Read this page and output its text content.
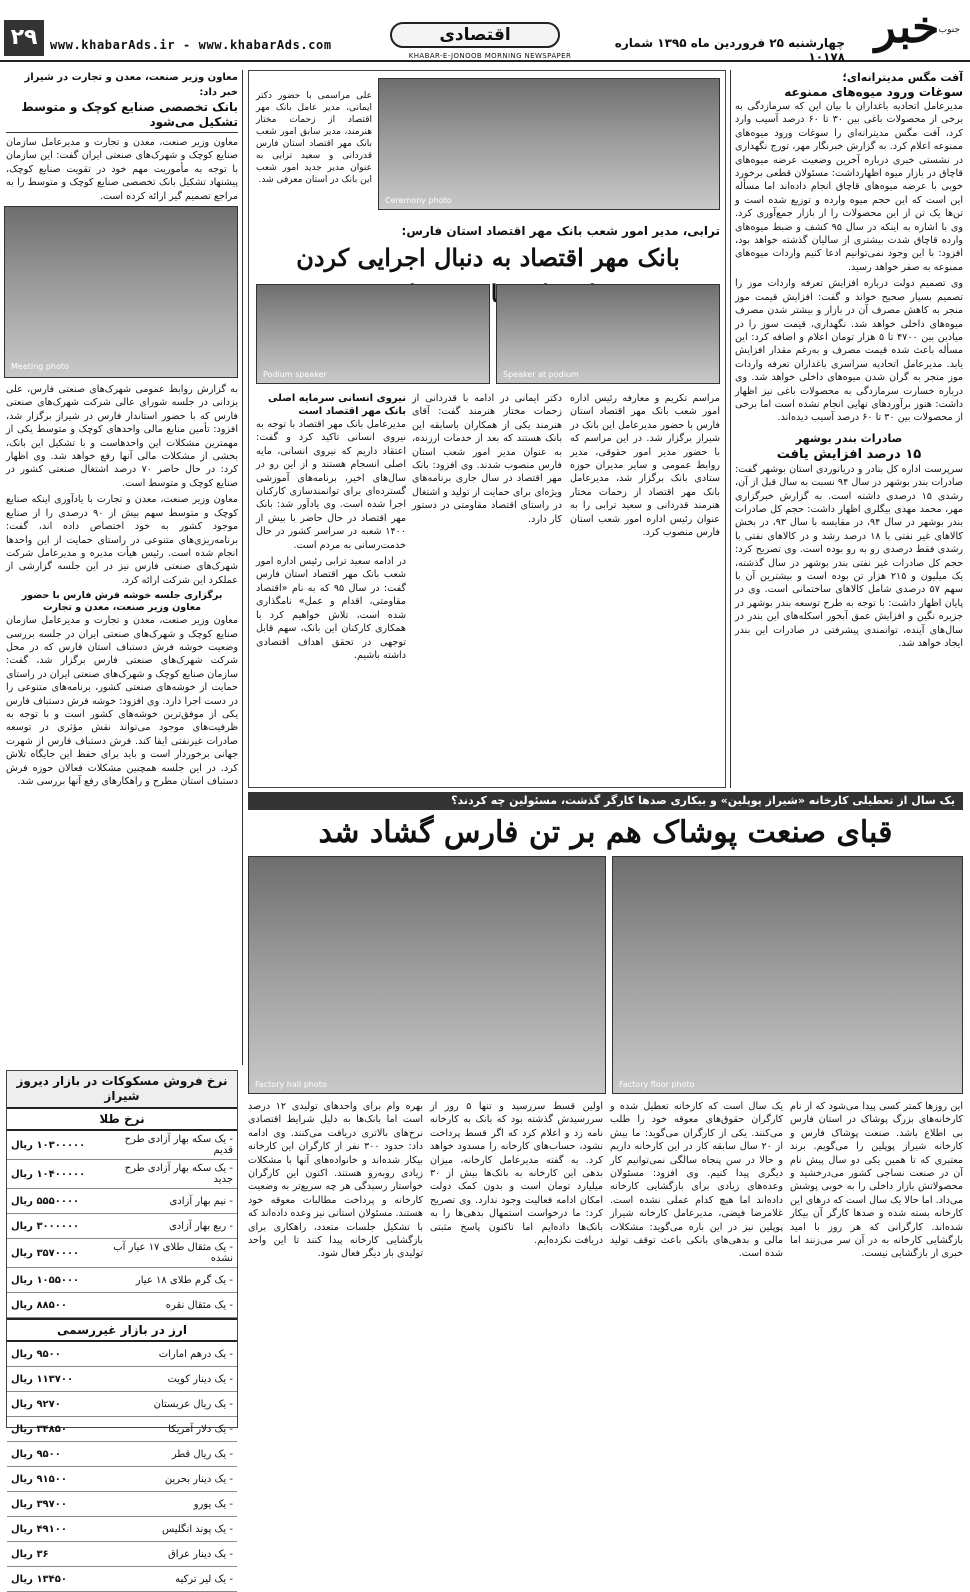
خبر جنوب
اقتصادی	چهارشنبه ۲۵ فروردین ماه ۱۳۹۵ شماره ۱۰۱۷۸
www.khabarAds.ir - www.khabarAds.com
۲۹
KHABAR-E-JONOOB MORNING NEWSPAPER
آفت مگس مدیترانه‌ای؛
سوغات ورود میوه‌های ممنوعه

مدیرعامل اتحادیه باغداران با بیان این که سرمازدگی به برخی از محصولات باغی بین ۳۰ تا ۶۰ درصد آسیب وارد کرد، آفت مگس مدیترانه‌ای را سوغات ورود میوه‌های ممنوعه اعلام کرد. به گزارش خبرنگار مهر، تورج نگهداری در نشستی خبری درباره آخرین وضعیت عرضه میوه‌های قاچاق در بازار میوه اظهارداشت: مسئولان قطعی برخورد خوبی با عرضه میوه‌های قاچاق انجام داده‌اند اما مسأله این است که این حجم میوه وارده و توزیع شده است و تن‌ها یک تن از این محصولات را از بازار جمع‌آوری کرد. وی با اشاره به اینکه در سال ۹۵ کشف و ضبط میوه‌های وارده قاچاق شدت بیشتری از سالیان گذشته خواهد بود، افزود: با این وجود نمی‌توانیم ادعا کنیم واردات میوه‌های ممنوعه به صفر خواهد رسید.

وی تصمیم دولت درباره افزایش تعرفه واردات موز را تصمیم بسیار صحیح خواند و گفت: افزایش قیمت موز منجر به کاهش مصرف آن در بازار و بیشتر شدن مصرف میوه‌های داخلی خواهد شد. نگهداری، قیمت سوز را در میادین بین ۴۷۰۰ تا ۵ هزار تومان اعلام و اضافه کرد: این مسأله باعث شده قیمت مصرف و به‌رغم مقدار افزایش یابد. مدیرعامل اتحادیه سراسری باغداران تعرفه واردات موز منجر به گران شدن میوه‌های داخلی خواهد شد. وی درباره خسارت سرمازدگی به محصولات باغی نیز اظهار داشت: هنوز برآوردهای نهایی انجام نشده است اما برخی از محصولات بین ۳۰ تا ۶۰ درصد آسیب دیده‌اند.

صادرات بندر بوشهر
۱۵ درصد افزایش یافت

سرپرست اداره کل بنادر و دریانوردی استان بوشهر گفت: صادرات بندر بوشهر در سال ۹۴ نسبت به سال قبل از آن، رشدی ۱۵ درصدی داشته است. به گزارش خبرگزاری مهر، محمد مهدی بیگلری اظهار داشت: حجم کل صادرات بندر بوشهر در سال ۹۴، در مقایسه با سال ۹۳، در بخش کالاهای غیر نفتی با ۱۸ درصد رشد و در کالاهای نفتی با رشدی فقط درصدی رو به رو بوده است. وی تصریح کرد: حجم کل صادرات غیر نفتی بندر بوشهر در سال گذشته، یک میلیون و ۲۱۵ هزار تن بوده است و بیشترین آن با سهم ۵۷ درصدی شامل کالاهای ساختمانی است. وی در پایان اظهار داشت: با توجه به طرح توسعه بندر بوشهر در جزیره نگین و افزایش عمق آبخور اسکله‌های این بندر در سال‌های آینده، توانمندی پیشرفتی در صادرات این بندر ایجاد خواهد شد.

Ceremony photo
علی مراسمی با حضور دکتر ایمانی، مدیر عامل بانک مهر اقتصاد از زحمات مختار هنرمند، مدیر سابق امور شعب بانک مهر اقتصاد استان فارس قدردانی و سعید ترابی به عنوان مدیر جدید امور شعب این بانک در استان معرفی شد.
ترابی، مدیر امور شعب بانک مهر اقتصاد استان فارس:
بانک مهر اقتصاد به دنبال اجرایی کردن
Speaker at podium
Podium speaker

مراسم تکریم و معارفه رئیس اداره امور شعب بانک مهر اقتصاد استان فارس با حضور مدیرعامل این بانک در شیراز برگزار شد. در این مراسم که با حضور مدیر امور حقوقی، مدیر روابط عمومی و سایر مدیران حوزه ستادی بانک برگزار شد، مدیرعامل بانک مهر اقتصاد از زحمات مختار هنرمند قدردانی و سعید ترابی را به عنوان رئیس اداره امور شعب استان فارس منصوب کرد.

دکتر ایمانی در ادامه با قدردانی از زحمات مختار هنرمند گفت: آقای هنرمند یکی از همکاران باسابقه این بانک هستند که بعد از خدمات ارزنده، به عنوان مدیر امور شعب استان فارس منصوب شدند. وی افزود: بانک مهر اقتصاد در سال جاری برنامه‌های ویژه‌ای برای حمایت از تولید و اشتغال در راستای اقتصاد مقاومتی در دستور کار دارد.

نیروی انسانی سرمایه اصلی بانک مهر اقتصاد است

مدیرعامل بانک مهر اقتصاد با توجه به نیروی انسانی تاکید کرد و گفت: اعتقاد داریم که نیروی انسانی، مایه اصلی انسجام هستند و از این رو در سال‌های اخیر، برنامه‌های آموزشی گسترده‌ای برای توانمندسازی کارکنان اجرا شده است. وی یادآور شد: بانک مهر اقتصاد در حال حاضر با بیش از ۱۴۰۰ شعبه در سراسر کشور در حال خدمت‌رسانی به مردم است.

در ادامه سعید ترابی رئیس اداره امور شعب بانک مهر اقتصاد استان فارس گفت: در سال ۹۵ که به نام «اقتصاد مقاومتی، اقدام و عمل» نامگذاری شده است، تلاش خواهیم کرد با همکاری کارکنان این بانک، سهم قابل توجهی در تحقق اهداف اقتصادی داشته باشیم.

معاون وزیر صنعت، معدن و تجارت در شیراز خبر داد:
بانک تخصصی صنایع کوچک و متوسط تشکیل می‌شود

معاون وزیر صنعت، معدن و تجارت و مدیرعامل سازمان صنایع کوچک و شهرک‌های صنعتی ایران گفت: این سازمان با توجه به مأموریت مهم خود در تقویت صنایع کوچک، پیشنهاد تشکیل بانک تخصصی صنایع کوچک و متوسط را به مراجع تصمیم گیر ارائه کرده است.

Meeting photo

به گزارش روابط عمومی شهرک‌های صنعتی فارس، علی یزدانی در جلسه شورای عالی شرکت شهرک‌های صنعتی فارس که با حضور استاندار فارس در شیراز برگزار شد، افزود: تأمین منابع مالی واحدهای کوچک و متوسط یکی از مهمترین مشکلات این واحدهاست و با تشکیل این بانک، بخشی از مشکلات مالی آنها رفع خواهد شد. وی اظهار کرد: در حال حاضر ۷۰ درصد اشتغال صنعتی کشور در صنایع کوچک و متوسط است.

معاون وزیر صنعت، معدن و تجارت با یادآوری اینکه صنایع کوچک و متوسط سهم بیش از ۹۰ درصدی را از صنایع موجود کشور به خود اختصاص داده اند، گفت: برنامه‌ریزی‌های متنوعی در راستای حمایت از این واحدها انجام شده است. رئیس هیأت مدیره و مدیرعامل شرکت شهرک‌های صنعتی فارس نیز در این جلسه گزارشی از عملکرد این شرکت ارائه کرد.

برگزاری جلسه خوشه فرش فارس با حضور معاون وزیر صنعت، معدن و تجارت

معاون وزیر صنعت، معدن و تجارت و مدیرعامل سازمان صنایع کوچک و شهرک‌های صنعتی ایران در جلسه بررسی وضعیت خوشه فرش دستباف استان فارس که در محل شرکت شهرک‌های صنعتی فارس برگزار شد، گفت: سازمان صنایع کوچک و شهرک‌های صنعتی ایران در راستای حمایت از خوشه‌های صنعتی کشور، برنامه‌های متنوعی را در دست اجرا دارد. وی افزود: خوشه فرش دستباف فارس یکی از موفق‌ترین خوشه‌های کشور است و با توجه به ظرفیت‌های موجود می‌تواند نقش مؤثری در توسعه صادرات غیرنفتی ایفا کند. فرش دستباف فارس از شهرت جهانی برخوردار است و باید برای حفظ این جایگاه تلاش کرد. در این جلسه همچنین مشکلات فعالان حوزه فرش دستباف استان مطرح و راهکارهای رفع آنها بررسی شد.

نرخ فروش مسکوکات در بازار دیروز شیراز
نرخ طلا
- یک سکه بهار آزادی طرح قدیم	۱۰۳۰۰۰۰۰ ریال
- یک سکه بهار آزادی طرح جدید	۱۰۴۰۰۰۰۰ ریال
- نیم بهار آزادی	۵۵۵۰۰۰۰ ریال
- ربع بهار آزادی	۳۰۰۰۰۰۰ ریال
- یک مثقال طلای ۱۷ عیار آب نشده	۳۵۷۰۰۰۰ ریال
- یک گرم طلای ۱۸ عیار	۱۰۵۵۰۰۰ ریال
- یک مثقال نقره	۸۸۵۰۰ ریال
ارز در بازار غیررسمی
- یک درهم امارات	۹۵۰۰ ریال
- یک دینار کویت	۱۱۳۷۰۰ ریال
- یک ریال عربستان	۹۲۷۰ ریال
- یک دلار آمریکا	۳۴۸۵۰ ریال
- یک ریال قطر	۹۵۰۰ ریال
- یک دینار بحرین	۹۱۵۰۰ ریال
- یک یورو	۳۹۷۰۰ ریال
- یک پوند انگلیس	۴۹۱۰۰ ریال
- یک دینار عراق	۳۶ ریال
- یک لیر ترکیه	۱۳۴۵۰ ریال
یک سال از تعطیلی کارخانه «شیراز پوپلین» و بیکاری صدها کارگر گذشت، مسئولین چه کردند؟
قبای صنعت پوشاک هم بر تن فارس گشاد شد
Factory hall photo	Factory floor photo
این روزها کمتر کسی پیدا می‌شود که از نام کارخانه‌های بزرگ پوشاک در استان فارس بی اطلاع باشد. صنعت پوشاک فارس و کارخانه شیراز پوپلین را می‌گویم. برند معتبری که تا همین یکی دو سال پیش نام آن در صنعت نساجی کشور می‌درخشید و محصولاتش بازار داخلی را به خوبی پوشش می‌داد. اما حالا یک سال است که درهای این کارخانه بسته شده و صدها کارگر آن بیکار شده‌اند. کارگرانی که هر روز با امید بازگشایی کارخانه به در آن سر می‌زنند اما خبری از بازگشایی نیست.
یک سال است که کارخانه تعطیل شده و کارگران حقوق‌های معوقه خود را طلب می‌کنند. یکی از کارگران می‌گوید: ما بیش از ۲۰ سال سابقه کار در این کارخانه داریم و حالا در سن پنجاه سالگی نمی‌توانیم کار دیگری پیدا کنیم. وی افزود: مسئولان وعده‌های زیادی برای بازگشایی کارخانه داده‌اند اما هیچ کدام عملی نشده است. غلامرضا فیضی، مدیرعامل کارخانه شیراز پوپلین نیز در این باره می‌گوید: مشکلات مالی و بدهی‌های بانکی باعث توقف تولید شده است.
اولین قسط سررسید و تنها ۵ روز از سررسیدش گذشته بود که بانک به کارخانه نامه زد و اعلام کرد که اگر قسط پرداخت نشود، حساب‌های کارخانه را مسدود خواهد کرد. به گفته مدیرعامل کارخانه، میزان بدهی این کارخانه به بانک‌ها بیش از ۳۰ میلیارد تومان است و بدون کمک دولت امکان ادامه فعالیت وجود ندارد. وی تصریح کرد: ما درخواست استمهال بدهی‌ها را به بانک‌ها داده‌ایم اما تاکنون پاسخ مثبتی دریافت نکرده‌ایم.
بهره وام برای واحدهای تولیدی ۱۲ درصد است اما بانک‌ها به دلیل شرایط اقتصادی نرخ‌های بالاتری دریافت می‌کنند. وی ادامه داد: حدود ۳۰۰ نفر از کارگران این کارخانه بیکار شده‌اند و خانواده‌های آنها با مشکلات زیادی روبه‌رو هستند. اکنون این کارگران خواستار رسیدگی هر چه سریع‌تر به وضعیت کارخانه و پرداخت مطالبات معوقه خود هستند. مسئولان استانی نیز وعده داده‌اند که با تشکیل جلسات متعدد، راهکاری برای بازگشایی کارخانه پیدا کنند تا این واحد تولیدی بار دیگر فعال شود.
